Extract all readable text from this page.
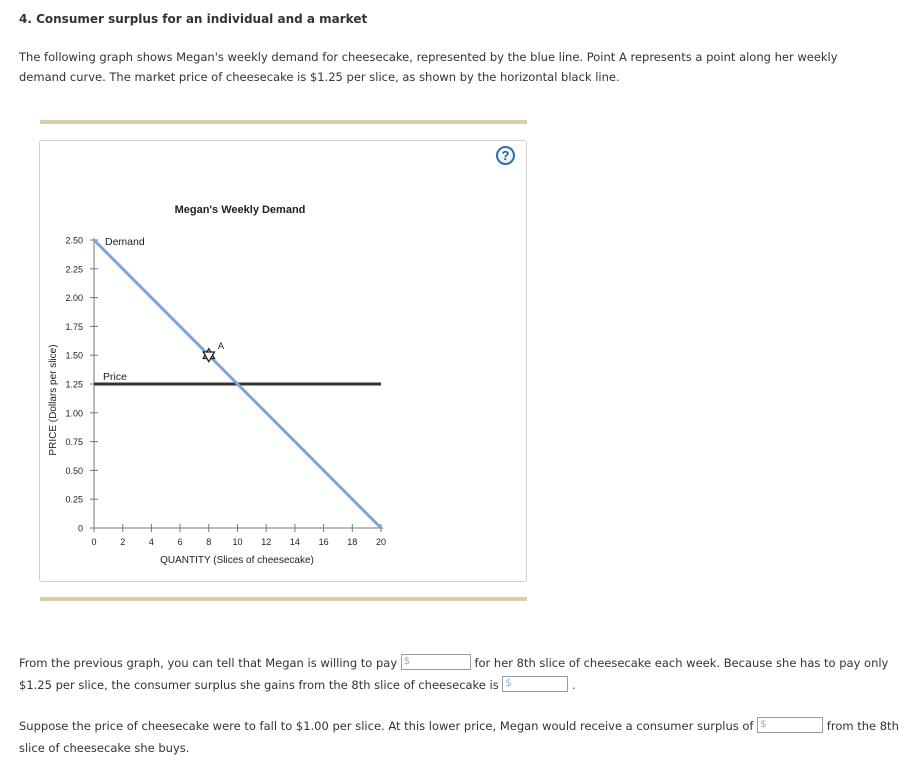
4. Consumer surplus for an individual and a market
The following graph shows Megan's weekly demand for cheesecake, represented by the blue line. Point A represents a point along her weekly demand curve. The market price of cheesecake is $1.25 per slice, as shown by the horizontal black line.
?
Megan's Weekly Demand
PRICE (Dollars per slice)
QUANTITY (Slices of cheesecake)
0
0.25
0.50
0.75
1.00
1.25
1.50
1.75
2.00
2.25
2.50
0	2	4	6	8 10 12 14 16 18 20
Demand
Price
A
From the previous graph, you can tell that Megan is willing to pay $	for her 8th slice of cheesecake each week. Because she has to pay only $1.25 per slice, the consumer surplus she gains from the 8th slice of cheesecake is $	.
Suppose the price of cheesecake were to fall to $1.00 per slice. At this lower price, Megan would receive a consumer surplus of $	from the 8th slice of cheesecake she buys.
